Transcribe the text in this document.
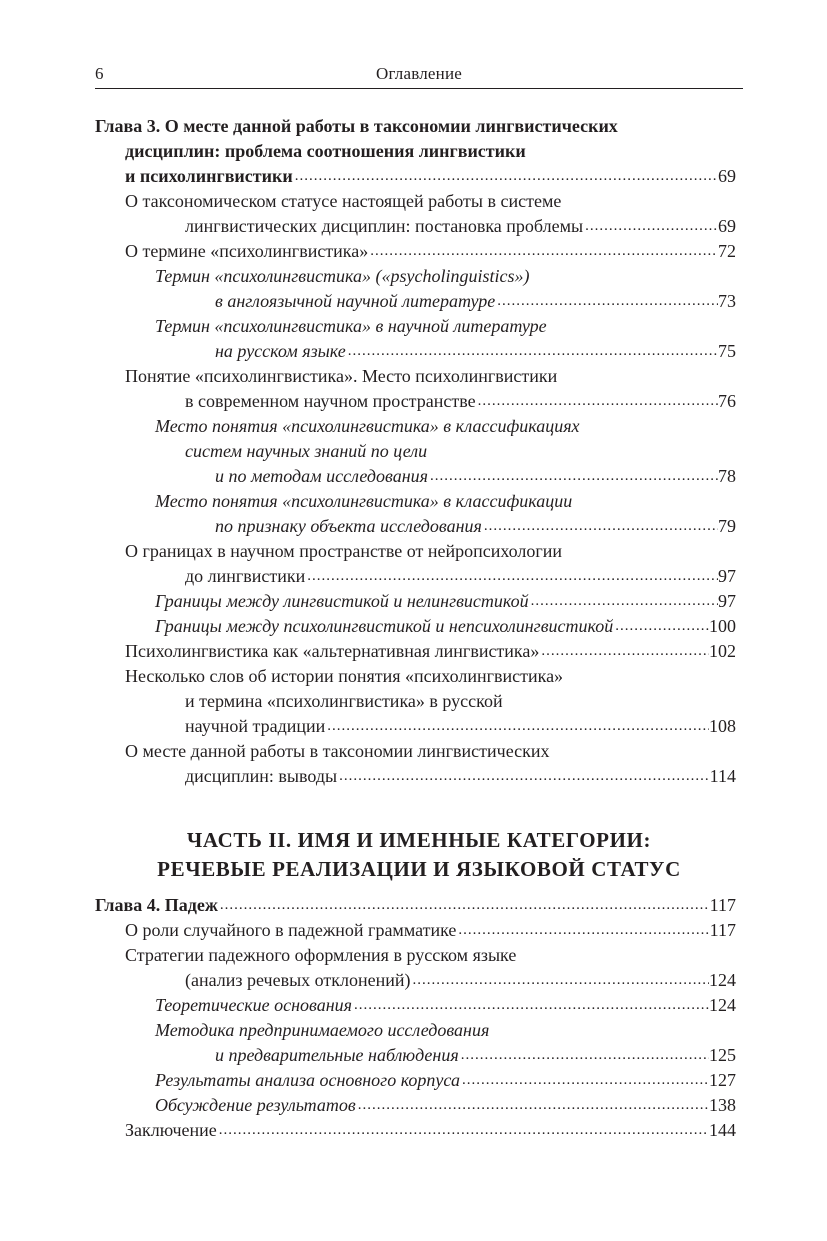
6	Оглавление
Глава 3. О месте данной работы в таксономии лингвистических
дисциплин: проблема соотношения лингвистики
и психолингвистики .....	69
О таксономическом статусе настоящей работы в системе
лингвистических дисциплин: постановка проблемы .....	69
О термине «психолингвистика» .....	72
Термин «психолингвистика» («psycholinguistics»)
в англоязычной научной литературе .....	73
Термин «психолингвистика» в научной литературе
на русском языке .....	75
Понятие «психолингвистика». Место психолингвистики
в современном научном пространстве .....	76
Место понятия «психолингвистика» в классификациях
систем научных знаний по цели
и по методам исследования .....	78
Место понятия «психолингвистика» в классификации
по признаку объекта исследования .....	79
О границах в научном пространстве от нейропсихологии
до лингвистики .....	97
Границы между лингвистикой и нелингвистикой .....	97
Границы между психолингвистикой и непсихолингвистикой .....	100
Психолингвистика как «альтернативная лингвистика» .....	102
Несколько слов об истории понятия «психолингвистика»
и термина «психолингвистика» в русской
научной традиции .....	108
О месте данной работы в таксономии лингвистических
дисциплин: выводы .....	114
ЧАСТЬ II. ИМЯ И ИМЕННЫЕ КАТЕГОРИИ:
РЕЧЕВЫЕ РЕАЛИЗАЦИИ И ЯЗЫКОВОЙ СТАТУС
Глава 4. Падеж .....	117
О роли случайного в падежной грамматике .....	117
Стратегии падежного оформления в русском языке
(анализ речевых отклонений) .....	124
Теоретические основания .....	124
Методика предпринимаемого исследования
и предварительные наблюдения .....	125
Результаты анализа основного корпуса .....	127
Обсуждение результатов .....	138
Заключение .....	144
